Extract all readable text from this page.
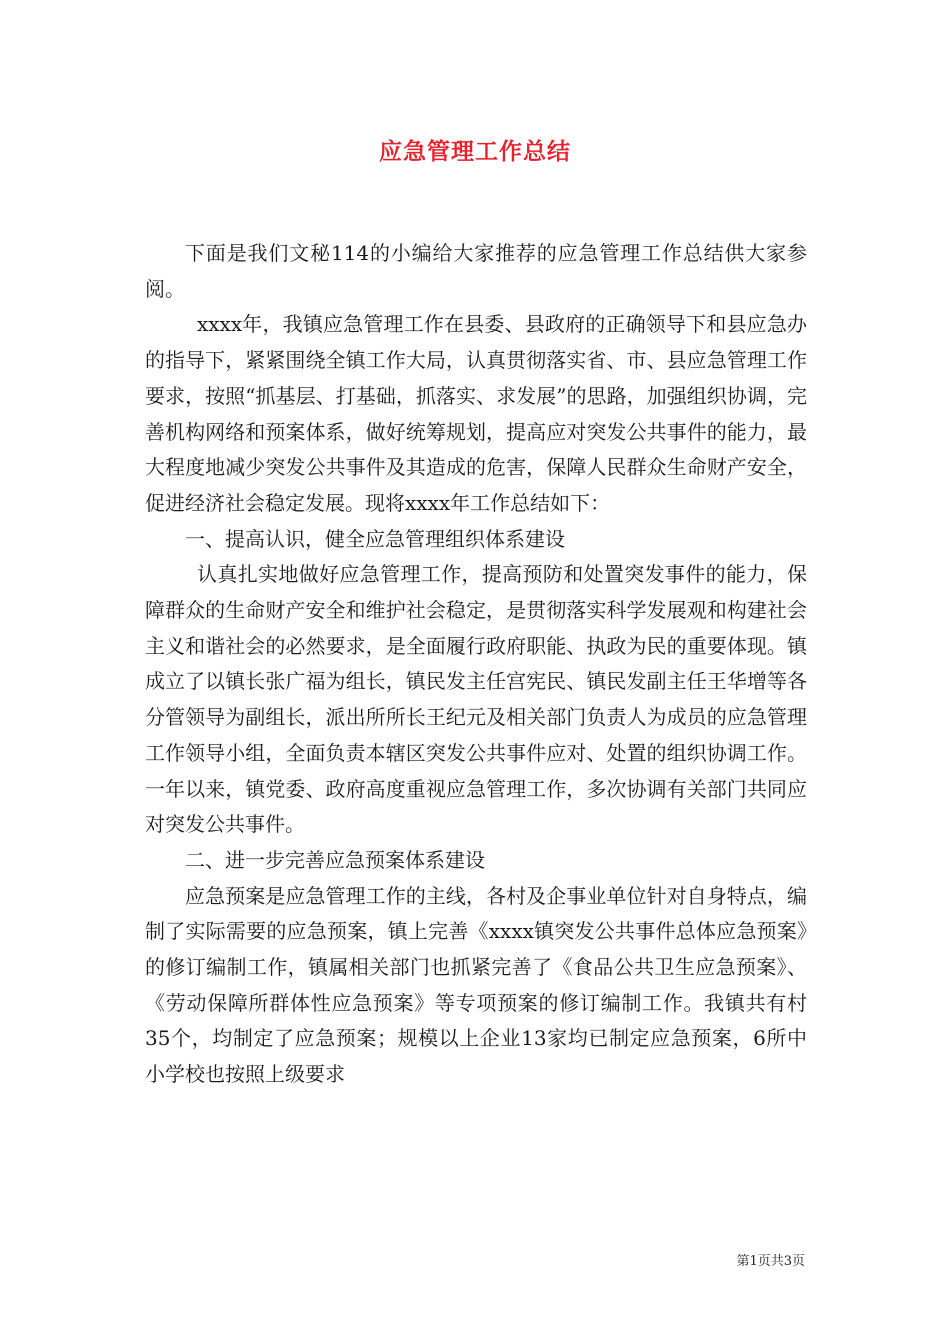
应急管理工作总结

下面是我们文秘114的小编给大家推荐的应急管理工作总结供大家参阅。

xxxx年，我镇应急管理工作在县委、县政府的正确领导下和县应急办的指导下，紧紧围绕全镇工作大局，认真贯彻落实省、市、县应急管理工作要求，按照“抓基层、打基础，抓落实、求发展”的思路，加强组织协调，完善机构网络和预案体系，做好统筹规划，提高应对突发公共事件的能力，最大程度地减少突发公共事件及其造成的危害，保障人民群众生命财产安全，促进经济社会稳定发展。现将xxxx年工作总结如下：

一、提高认识，健全应急管理组织体系建设

认真扎实地做好应急管理工作，提高预防和处置突发事件的能力，保障群众的生命财产安全和维护社会稳定，是贯彻落实科学发展观和构建社会主义和谐社会的必然要求，是全面履行政府职能、执政为民的重要体现。镇成立了以镇长张广福为组长，镇民发主任宫宪民、镇民发副主任王华增等各分管领导为副组长，派出所所长王纪元及相关部门负责人为成员的应急管理工作领导小组，全面负责本辖区突发公共事件应对、处置的组织协调工作。一年以来，镇党委、政府高度重视应急管理工作，多次协调有关部门共同应对突发公共事件。

二、进一步完善应急预案体系建设

应急预案是应急管理工作的主线，各村及企事业单位针对自身特点，编制了实际需要的应急预案，镇上完善《xxxx镇突发公共事件总体应急预案》的修订编制工作，镇属相关部门也抓紧完善了《食品公共卫生应急预案》、《劳动保障所群体性应急预案》等专项预案的修订编制工作。我镇共有村35个，均制定了应急预案；规模以上企业13家均已制定应急预案，6所中小学校也按照上级要求

第1页共3页
